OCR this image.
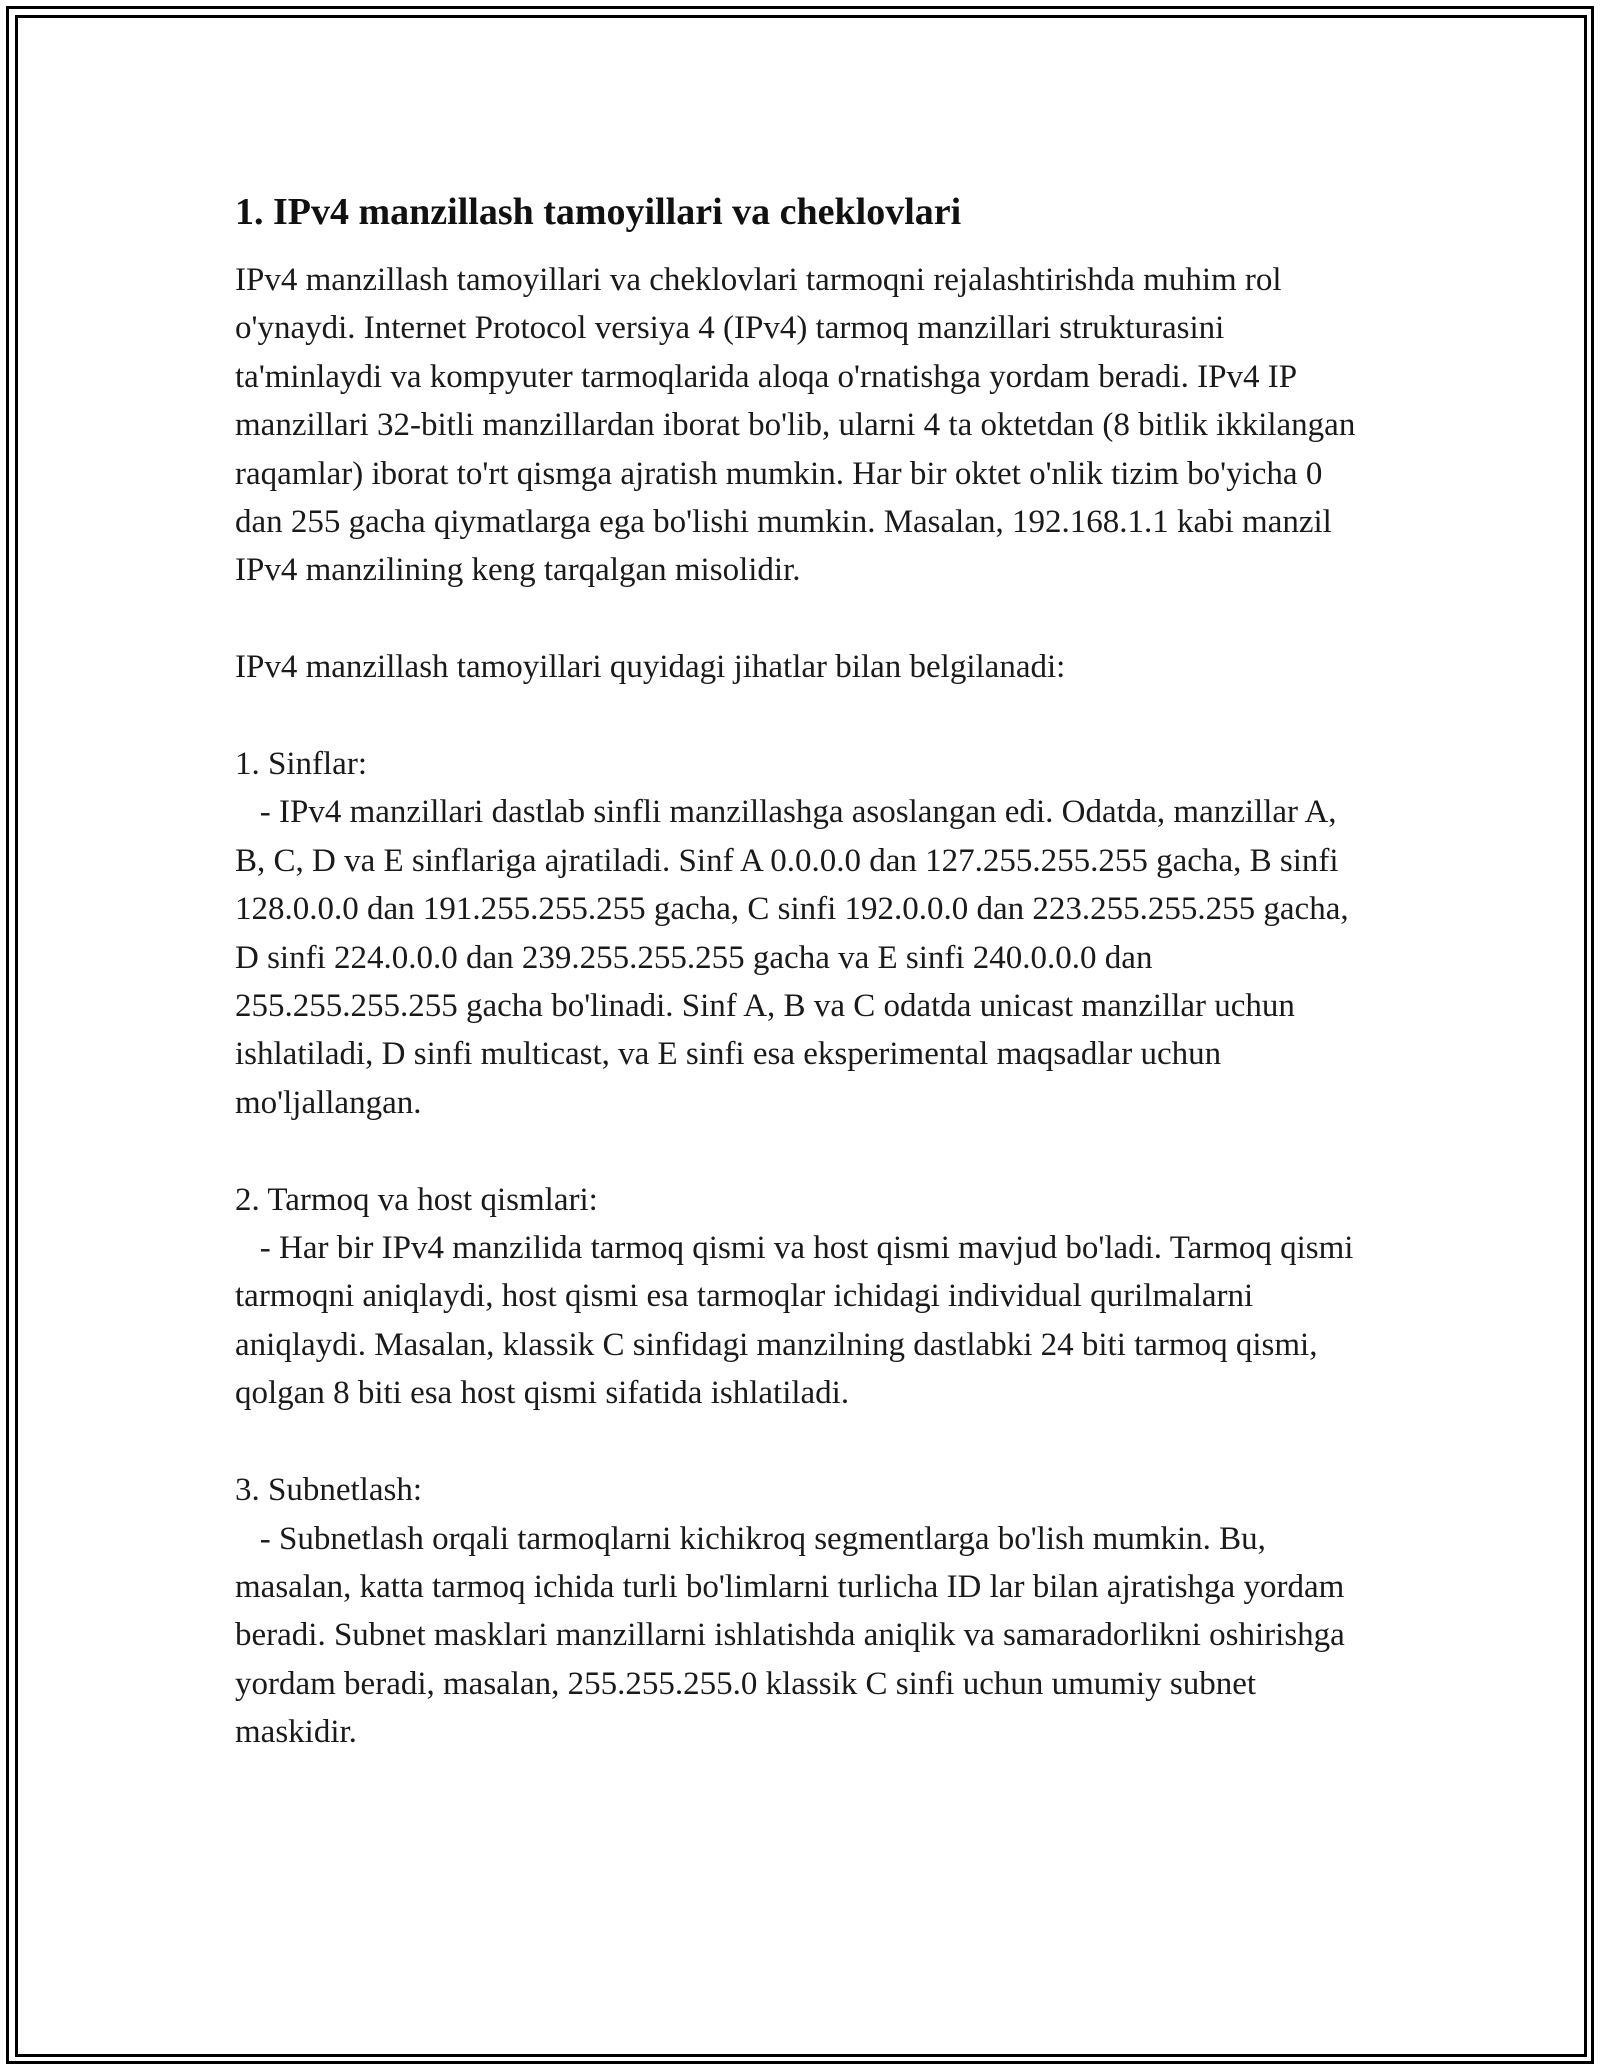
1. IPv4 manzillash tamoyillari va cheklovlari

IPv4 manzillash tamoyillari va cheklovlari tarmoqni rejalashtirishda muhim rol o'ynaydi. Internet Protocol versiya 4 (IPv4) tarmoq manzillari strukturasini ta'minlaydi va kompyuter tarmoqlarida aloqa o'rnatishga yordam beradi. IPv4 IP manzillari 32-bitli manzillardan iborat bo'lib, ularni 4 ta oktetdan (8 bitlik ikkilangan raqamlar) iborat to'rt qismga ajratish mumkin. Har bir oktet o'nlik tizim bo'yicha 0 dan 255 gacha qiymatlarga ega bo'lishi mumkin. Masalan, 192.168.1.1 kabi manzil IPv4 manzilining keng tarqalgan misolidir.

IPv4 manzillash tamoyillari quyidagi jihatlar bilan belgilanadi:

1. Sinflar:

- IPv4 manzillari dastlab sinfli manzillashga asoslangan edi. Odatda, manzillar A, B, C, D va E sinflariga ajratiladi. Sinf A 0.0.0.0 dan 127.255.255.255 gacha, B sinfi 128.0.0.0 dan 191.255.255.255 gacha, C sinfi 192.0.0.0 dan 223.255.255.255 gacha, D sinfi 224.0.0.0 dan 239.255.255.255 gacha va E sinfi 240.0.0.0 dan 255.255.255.255 gacha bo'linadi. Sinf A, B va C odatda unicast manzillar uchun ishlatiladi, D sinfi multicast, va E sinfi esa eksperimental maqsadlar uchun mo'ljallangan.

2. Tarmoq va host qismlari:

- Har bir IPv4 manzilida tarmoq qismi va host qismi mavjud bo'ladi. Tarmoq qismi tarmoqni aniqlaydi, host qismi esa tarmoqlar ichidagi individual qurilmalarni aniqlaydi. Masalan, klassik C sinfidagi manzilning dastlabki 24 biti tarmoq qismi, qolgan 8 biti esa host qismi sifatida ishlatiladi.

3. Subnetlash:

- Subnetlash orqali tarmoqlarni kichikroq segmentlarga bo'lish mumkin. Bu, masalan, katta tarmoq ichida turli bo'limlarni turlicha ID lar bilan ajratishga yordam beradi. Subnet masklari manzillarni ishlatishda aniqlik va samaradorlikni oshirishga yordam beradi, masalan, 255.255.255.0 klassik C sinfi uchun umumiy subnet maskidir.
